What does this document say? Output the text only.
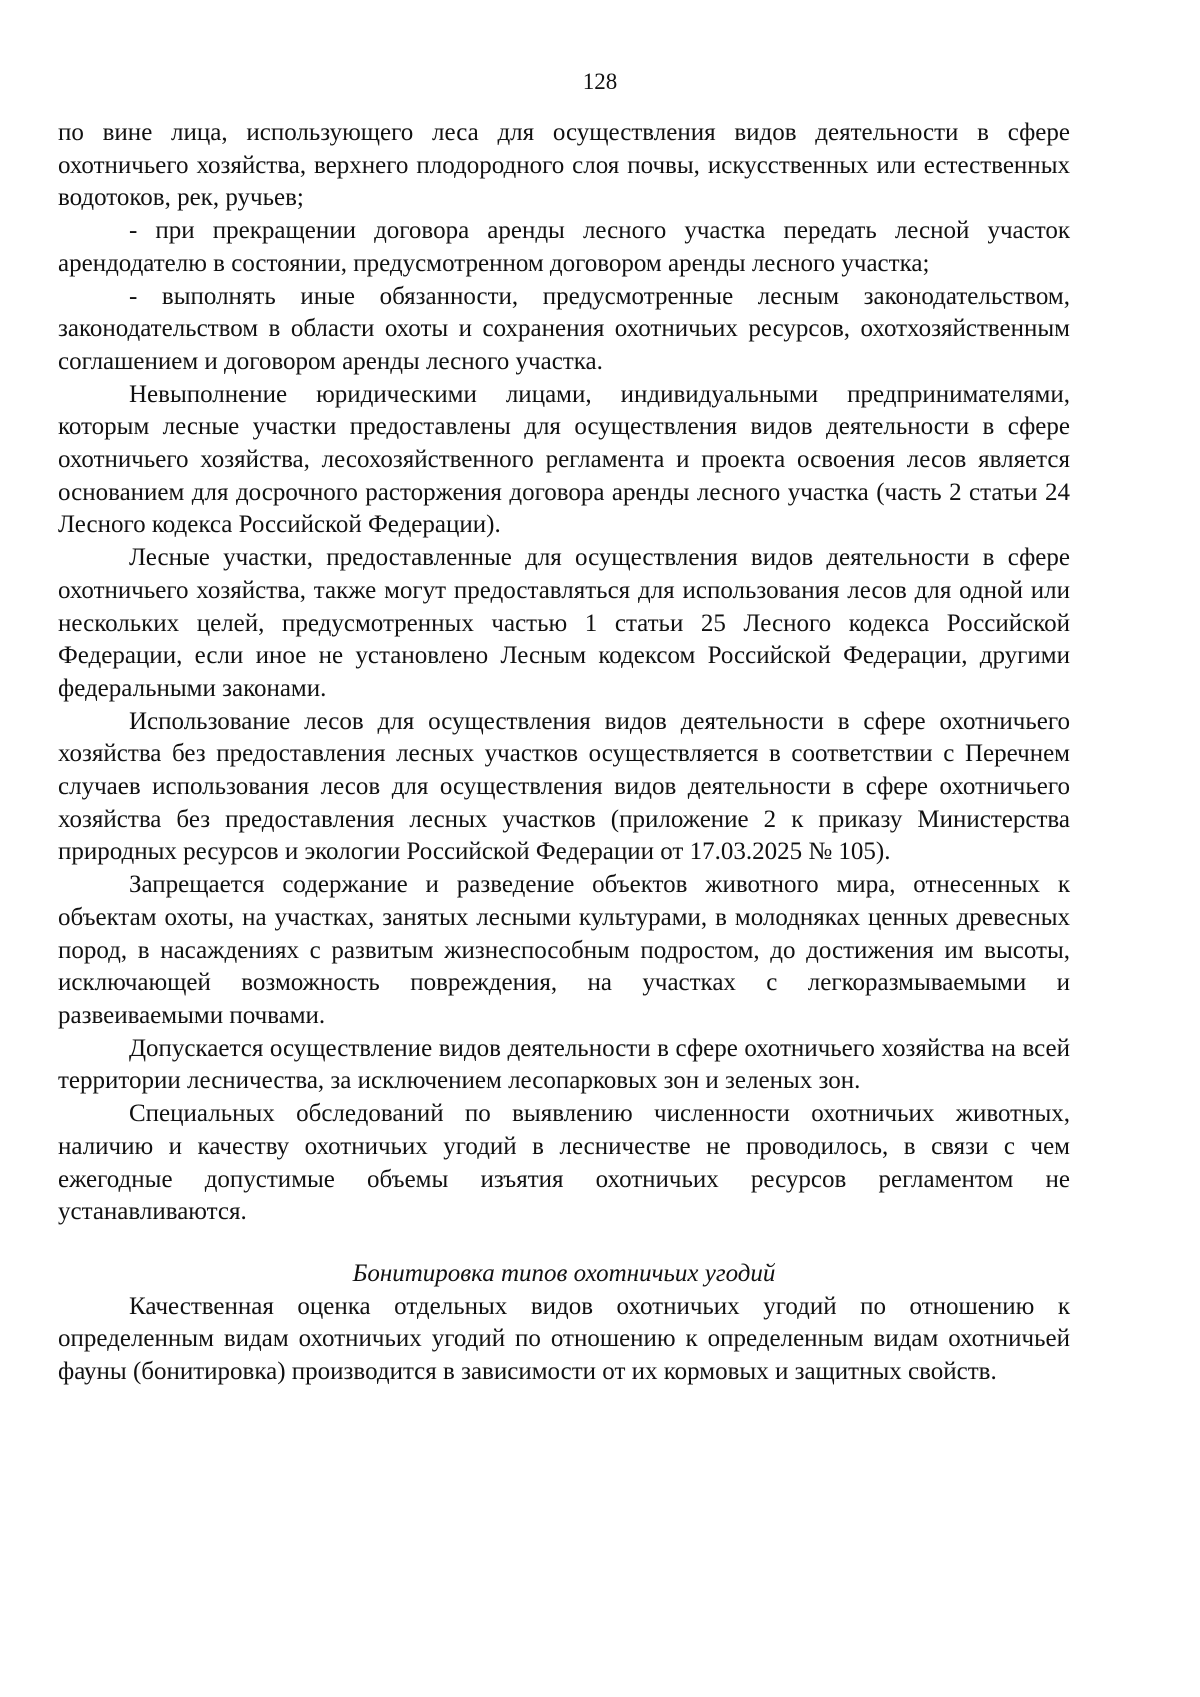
128

по вине лица, использующего леса для осуществления видов деятельности в сфере охотничьего хозяйства, верхнего плодородного слоя почвы, искусственных или естественных водотоков, рек, ручьев;

- при прекращении договора аренды лесного участка передать лесной участок арендодателю в состоянии, предусмотренном договором аренды лесного участка;

- выполнять иные обязанности, предусмотренные лесным законодательством, законодательством в области охоты и сохранения охотничьих ресурсов, охотхозяйственным соглашением и договором аренды лесного участка.

Невыполнение юридическими лицами, индивидуальными предпринимателями, которым лесные участки предоставлены для осуществления видов деятельности в сфере охотничьего хозяйства, лесохозяйственного регламента и проекта освоения лесов является основанием для досрочного расторжения договора аренды лесного участка (часть 2 статьи 24 Лесного кодекса Российской Федерации).

Лесные участки, предоставленные для осуществления видов деятельности в сфере охотничьего хозяйства, также могут предоставляться для использования лесов для одной или нескольких целей, предусмотренных частью 1 статьи 25 Лесного кодекса Российской Федерации, если иное не установлено Лесным кодексом Российской Федерации, другими федеральными законами.

Использование лесов для осуществления видов деятельности в сфере охотничьего хозяйства без предоставления лесных участков осуществляется в соответствии с Перечнем случаев использования лесов для осуществления видов деятельности в сфере охотничьего хозяйства без предоставления лесных участков (приложение 2 к приказу Министерства природных ресурсов и экологии Российской Федерации от 17.03.2025 № 105).

Запрещается содержание и разведение объектов животного мира, отнесенных к объектам охоты, на участках, занятых лесными культурами, в молодняках ценных древесных пород, в насаждениях с развитым жизнеспособным подростом, до достижения им высоты, исключающей возможность повреждения, на участках с легкоразмываемыми и развеиваемыми почвами.

Допускается осуществление видов деятельности в сфере охотничьего хозяйства на всей территории лесничества, за исключением лесопарковых зон и зеленых зон.

Специальных обследований по выявлению численности охотничьих животных, наличию и качеству охотничьих угодий в лесничестве не проводилось, в связи с чем ежегодные допустимые объемы изъятия охотничьих ресурсов регламентом не устанавливаются.

Бонитировка типов охотничьих угодий

Качественная оценка отдельных видов охотничьих угодий по отношению к определенным видам охотничьих угодий по отношению к определенным видам охотничьей фауны (бонитировка) производится в зависимости от их кормовых и защитных свойств.
